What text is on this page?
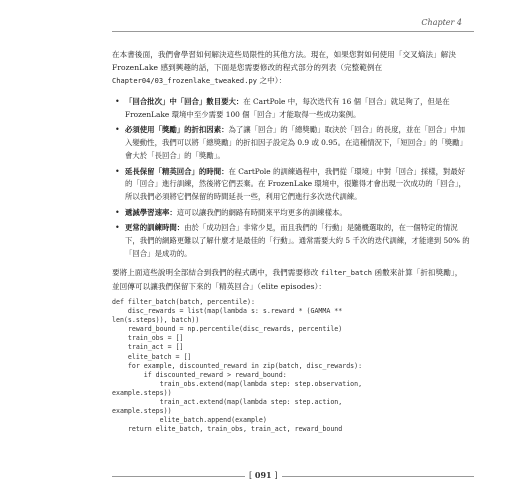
Chapter 4
在本書後面，我們會學習如何解決這些局限性的其他方法。現在，如果您對如何使用「交叉熵法」解決 FrozenLake 感到興趣的話，下面是您需要修改的程式部分的列表（完整範例在 Chapter04/03_frozenlake_tweaked.py 之中）：
• 「回合批次」中「回合」數目要大：在 CartPole 中，每次迭代有 16 個「回合」就足夠了，但是在 FrozenLake 環境中至少需要 100 個「回合」才能取得一些成功案例。
• 必須使用「獎勵」的折扣因素：為了讓「回合」的「總獎勵」取決於「回合」的長度，並在「回合」中加入變動性，我們可以將「總獎勵」的折扣因子設定為 0.9 或 0.95。在這種情況下，「短回合」的「獎勵」會大於「長回合」的「獎勵」。
• 延長保留「精英回合」的時間：在 CartPole 的訓練過程中，我們從「環境」中對「回合」採樣，對最好的「回合」進行訓練，然後將它們丟棄。在 FrozenLake 環境中，很難得才會出現一次成功的「回合」，所以我們必須將它們保留的時間延長一些，利用它們進行多次迭代訓練。
• 遞減學習速率：這可以讓我們的網路有時間來平均更多的訓練樣本。
• 更常的訓練時間：由於「成功回合」非常少見，而且我們的「行動」是隨機選取的，在一個特定的情況下，我們的網路更難以了解什麼才是最佳的「行動」。通常需要大約 5 千次的迭代訓練，才能達到 50% 的「回合」是成功的。
要將上面這些說明全部結合到我們的程式碼中，我們需要修改 filter_batch 函數來計算「折扣獎勵」，並回傳可以讓我們保留下來的「精英回合」（elite episodes）：
def filter_batch(batch, percentile):
disc_rewards = list(map(lambda s: s.reward * (GAMMA **
len(s.steps)), batch))
reward_bound = np.percentile(disc_rewards, percentile)
train_obs = []
train_act = []
elite_batch = []
for example, discounted_reward in zip(batch, disc_rewards):
if discounted_reward > reward_bound:
train_obs.extend(map(lambda step: step.observation,
example.steps))
train_act.extend(map(lambda step: step.action,
example.steps))
elite_batch.append(example)
return elite_batch, train_obs, train_act, reward_bound
[ 091 ]
